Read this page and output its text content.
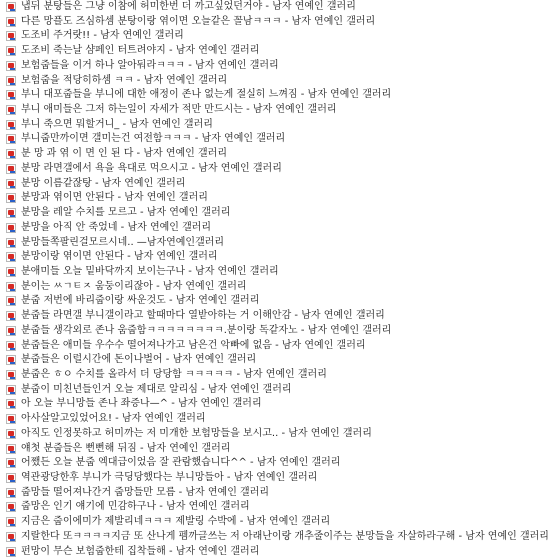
냅뒤 분탕들은 그냥 이참에 허미한번 더 까고싶었던거야 - 남자 연예인 갤러리
다른 망플도 즈심하셈 분탕이랑 엮이면 오늘같은 꼴남ㅋㅋㅋ - 남자 연예인 갤러리
도조비 주거랏!! - 남자 연예인 갤러리
도조비 죽는날 샴페인 터트려야지 - 남자 연예인 갤러리
보험줍들을 이거 하나 알아둬라ㅋㅋㅋ - 남자 연예인 갤러리
보험줍을 적당히하셈 ㅋㅋ - 남자 연예인 갤러리
부니 대포줍들을 부니에 대한 애정이 존나 없는게 절실히 느껴짐 - 남자 연예인 갤러리
부니 애미들은 그저 하는일이 자세가 적만 만드시는 - 남자 연예인 갤러리
부니 죽으면 뭐할거니_ - 남자 연예인 갤러리
부니줍만까이면 갤미는건 여전함ㅋㅋㅋ - 남자 연예인 갤러리
분 망 과 엮 이 면 인 된 다 - 남자 연예인 갤러리
분망 라면갤에서 욕을 욕대로 먹으시고 - 남자 연예인 갤러리
분망 이름같잖탕 - 남자 연예인 갤러리
분망과 엮이면 안된다 - 남자 연예인 갤러리
분망을 레알 수치를 모르고 - 남자 연예인 갤러리
분망을 아직 안 죽었네 - 남자 연예인 갤러리
분망들쪽팔린걸모르시네.. —남자연예인갤러리
분망이랑 엮이면 안된다 - 남자 연예인 갤러리
분애미들 오늘 밑바닥까지 보이는구나 - 남자 연예인 갤러리
분이는 ㅆㄱㅌㅈ 움둥이리잖아 - 남자 연예인 갤러리
분줍 저번에 바리줍이랑 싸운것도 - 남자 연예인 갤러리
분줍들 라면갤 부니갤이라고 할때마다 열받아하는 거 이해안감 - 남자 연예인 갤러리
분줍들 생각외로 존나 움줍함ㅋㅋㅋㅋㅋㅋㅋㅋ.분이랑 독같자노 - 남자 연예인 갤러리
분줍들은 애미들 우수수 떨어져나가고 남은건 악빠에 없음 - 남자 연예인 갤러리
분줍들은 이럴시간에 돈이나벌어 - 남자 연예인 갤러리
분줍은 ㅎㅇ 수치를 올라서 더 당당함 ㅋㅋㅋㅋㅋ - 남자 연예인 갤러리
분줍이 미친년들인거 오늘 제대로 알리심 - 남자 연예인 갤러리
아 오늘 부니망들 존나 좌증나—^ - 남자 연예인 갤러리
아사살알고있었어요! - 남자 연예인 갤러리
아직도 인정못하고 허미까는 저 미개한 보험망들을 보시고.. - 남자 연예인 갤러리
얘첫 분줍들은 뻔뻔해 뒤짐 - 남자 연예인 갤러리
어쨌든 오늘 분줍 엑대급이었음 잘 관람했습니다^^ - 남자 연예인 갤러리
역관광당한후 부니가 극딩당했다는 부니망들아 - 남자 연예인 갤러리
줍망들 떨어져나간거 줍망들만 모름 - 남자 연예인 갤러리
줍망은 인기 얘기에 민감하구나 - 남자 연예인 갤러리
지금은 줍이에미가 제발리네ㅋㅋㅋ 제발링 수박에 - 남자 연예인 갤러리
지랄한다 또ㅋㅋㅋㅋ지금 또 산나게 펨까글쓰는 저 아래난이랑 개추줄이주는 분망들을 자살하라구해 - 남자 연예인 갤러리
펀망이 무슨 보험줍한테 집착들해 - 남자 연예인 갤러리
